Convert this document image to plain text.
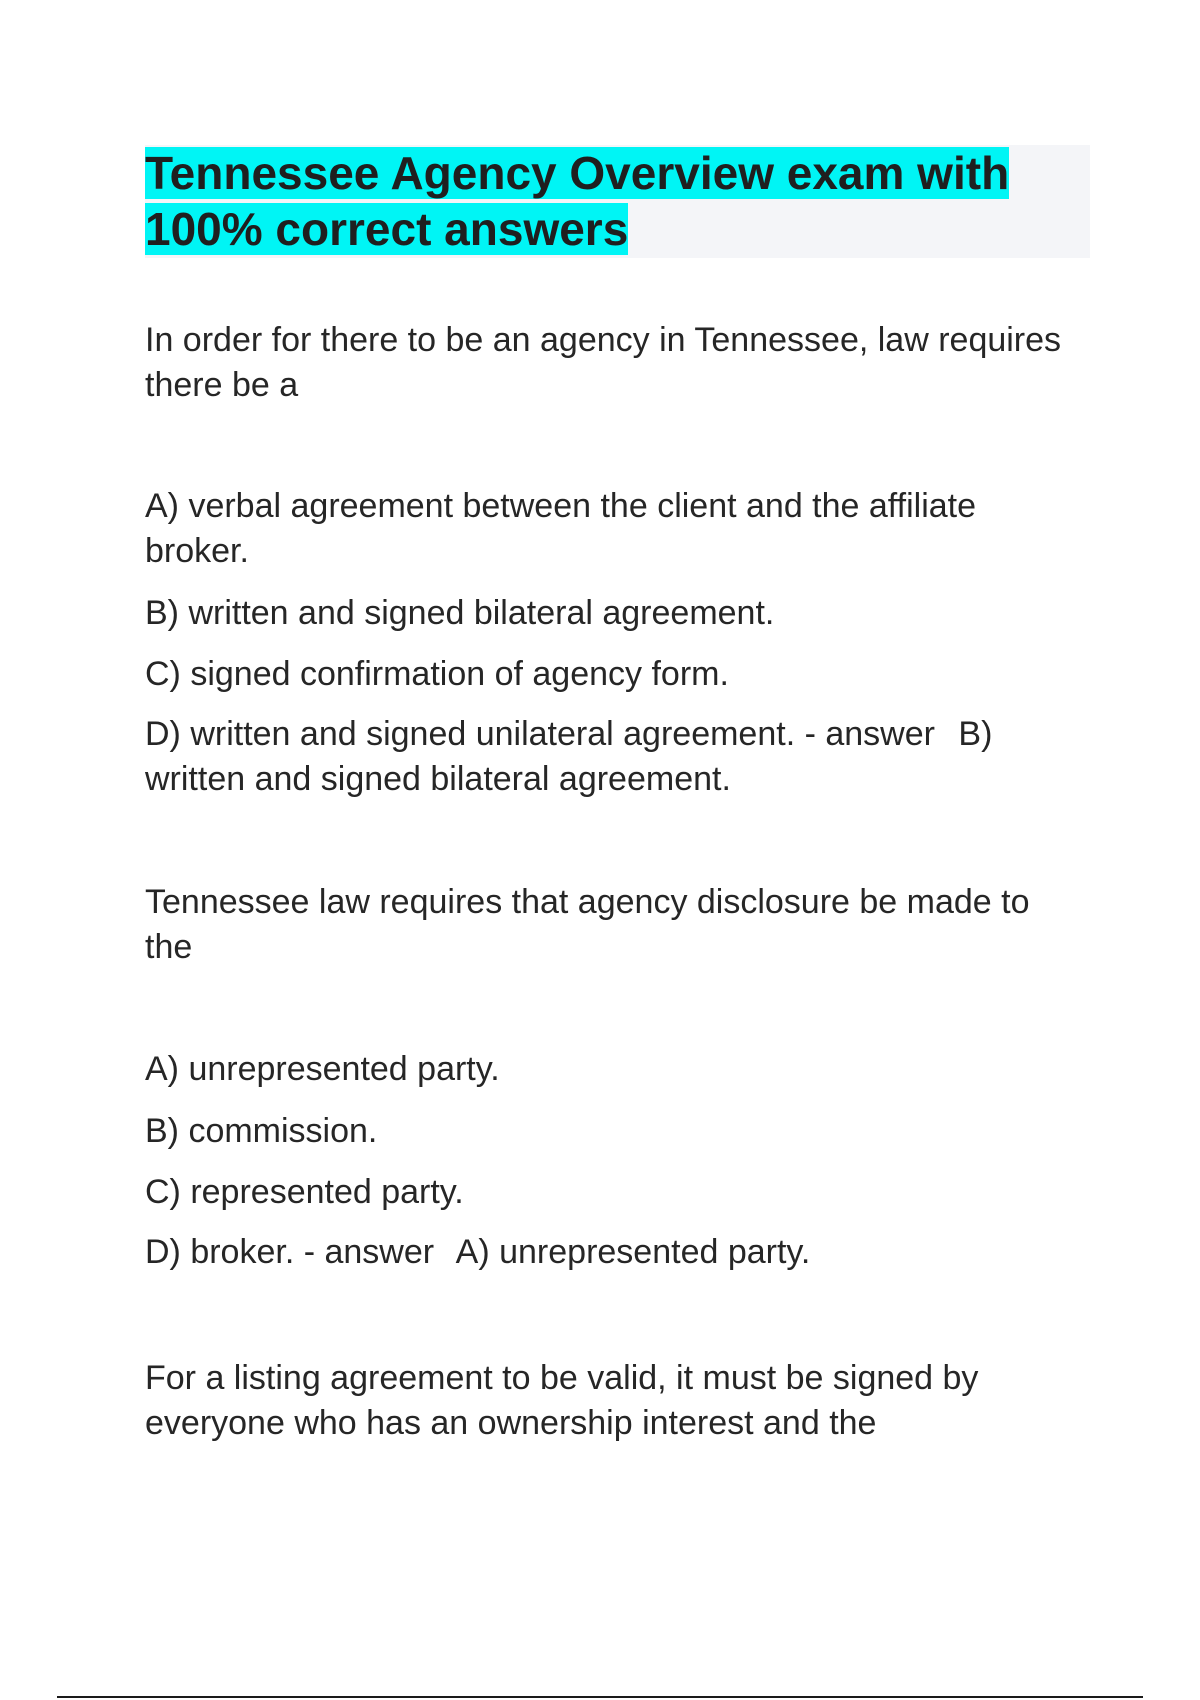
Tennessee Agency Overview exam with 100% correct answers

In order for there to be an agency in Tennessee, law requires there be a

A) verbal agreement between the client and the affiliate broker.

B) written and signed bilateral agreement.

C) signed confirmation of agency form.

D) written and signed unilateral agreement. - answer B) written and signed bilateral agreement.

Tennessee law requires that agency disclosure be made to the

A) unrepresented party.

B) commission.

C) represented party.

D) broker. - answer A) unrepresented party.

For a listing agreement to be valid, it must be signed by everyone who has an ownership interest and the
